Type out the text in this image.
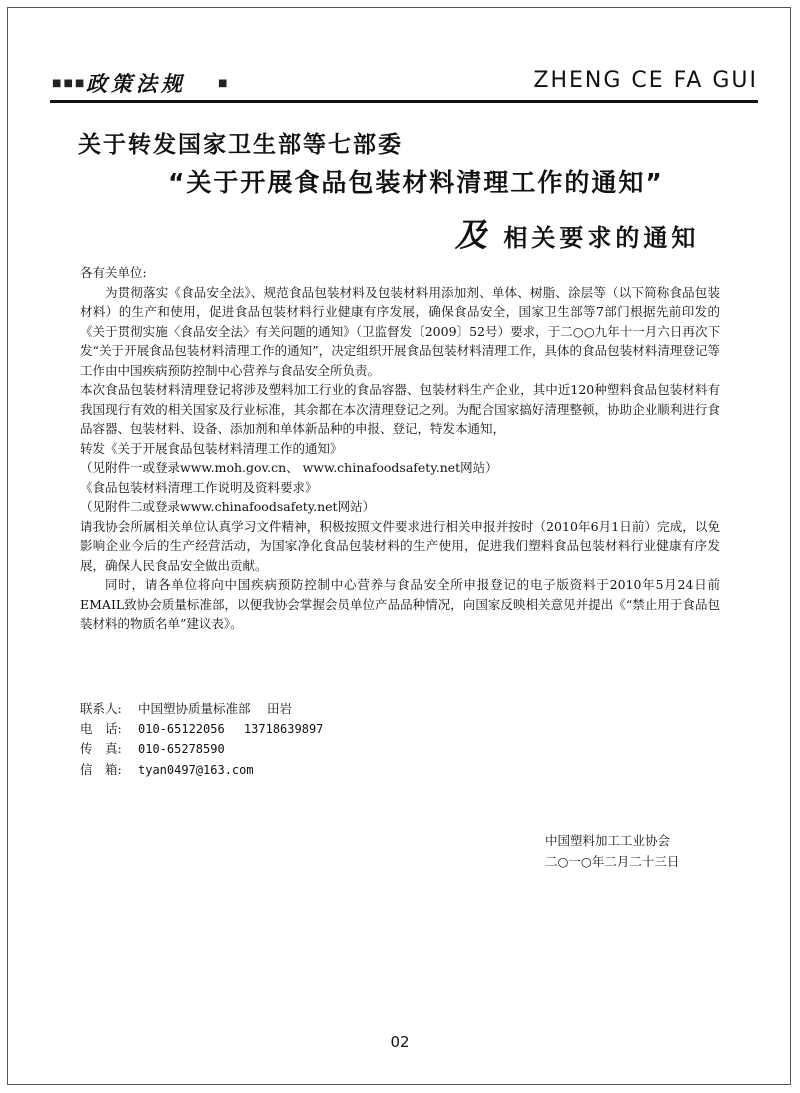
■■■ 政策法规	■	ZHENG CE FA GUI
关于转发国家卫生部等七部委
“关于开展食品包装材料清理工作的通知”
及 相关要求的通知

各有关单位:

为贯彻落实《食品安全法》、规范食品包装材料及包装材料用添加剂、单体、树脂、涂层等（以下简称食品包装材料）的生产和使用，促进食品包装材料行业健康有序发展，确保食品安全，国家卫生部等7部门根据先前印发的《关于贯彻实施〈食品安全法〉有关问题的通知》（卫监督发〔2009〕52号）要求，于二○○九年十一月六日再次下发“关于开展食品包装材料清理工作的通知”，决定组织开展食品包装材料清理工作，具体的食品包装材料清理登记等工作由中国疾病预防控制中心营养与食品安全所负责。

本次食品包装材料清理登记将涉及塑料加工行业的食品容器、包装材料生产企业，其中近120种塑料食品包装材料有我国现行有效的相关国家及行业标准，其余都在本次清理登记之列。为配合国家搞好清理整顿，协助企业顺利进行食品容器、包装材料、设备、添加剂和单体新品种的申报、登记，特发本通知，

转发《关于开展食品包装材料清理工作的通知》

（见附件一或登录www.moh.gov.cn、 www.chinafoodsafety.net网站）

《食品包装材料清理工作说明及资料要求》

（见附件二或登录www.chinafoodsafety.net网站）

请我协会所属相关单位认真学习文件精神，积极按照文件要求进行相关申报并按时（2010年6月1日前）完成，以免影响企业今后的生产经营活动，为国家净化食品包装材料的生产使用，促进我们塑料食品包装材料行业健康有序发展，确保人民食品安全做出贡献。

同时，请各单位将向中国疾病预防控制中心营养与食品安全所申报登记的电子版资料于2010年5月24日前EMAIL致协会质量标准部，以便我协会掌握会员单位产品品种情况，向国家反映相关意见并提出《“禁止用于食品包装材料的物质名单”建议表》。

联系人: 中国塑协质量标准部　 田岩
电　话: 010-65122056　 13718639897
传　真: 010-65278590
信　箱: tyan0497@163.com
中国塑料加工工业协会
二○一○年二月二十三日
02
